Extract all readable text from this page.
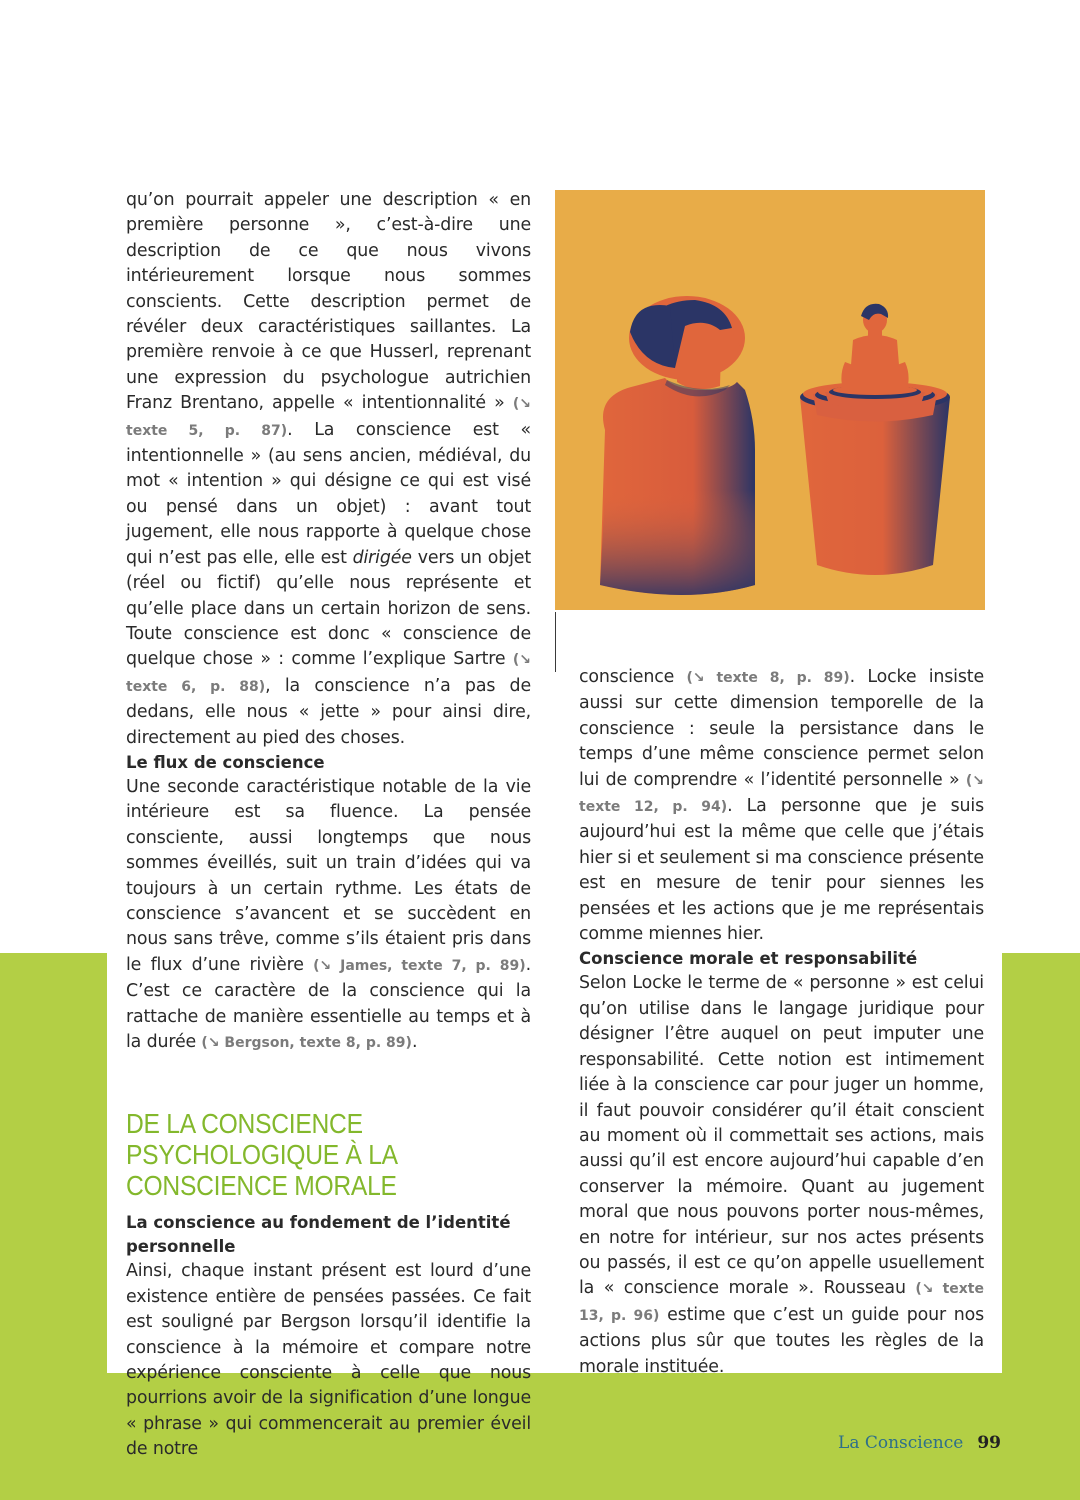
qu’on pourrait appeler une description « en première personne », c’est-à-dire une description de ce que nous vivons intérieurement lorsque nous sommes conscients. Cette description permet de révéler deux caractéristiques saillantes. La première renvoie à ce que Husserl, reprenant une expression du psychologue autrichien Franz Brentano, appelle « intentionnalité » (↘ texte 5, p. 87). La conscience est « intentionnelle » (au sens ancien, médiéval, du mot « intention » qui désigne ce qui est visé ou pensé dans un objet) : avant tout jugement, elle nous rapporte à quelque chose qui n’est pas elle, elle est dirigée vers un objet (réel ou fictif) qu’elle nous représente et qu’elle place dans un certain horizon de sens. Toute conscience est donc « conscience de quelque chose » : comme l’explique Sartre (↘ texte 6, p. 88), la conscience n’a pas de dedans, elle nous « jette » pour ainsi dire, directement au pied des choses.

Le flux de conscience

Une seconde caractéristique notable de la vie intérieure est sa fluence. La pensée consciente, aussi longtemps que nous sommes éveillés, suit un train d’idées qui va toujours à un certain rythme. Les états de conscience s’avancent et se succèdent en nous sans trêve, comme s’ils étaient pris dans le flux d’une rivière (↘ James, texte 7, p. 89). C’est ce caractère de la conscience qui la rattache de manière essentielle au temps et à la durée (↘ Bergson, texte 8, p. 89).

DE LA CONSCIENCE PSYCHOLOGIQUE À LA CONSCIENCE MORALE

La conscience au fondement de l’identité personnelle

Ainsi, chaque instant présent est lourd d’une existence entière de pensées passées. Ce fait est souligné par Bergson lorsqu’il identifie la conscience à la mémoire et compare notre expérience consciente à celle que nous pourrions avoir de la signification d’une longue « phrase » qui commencerait au premier éveil de notre

conscience (↘ texte 8, p. 89). Locke insiste aussi sur cette dimension temporelle de la conscience : seule la persistance dans le temps d’une même conscience permet selon lui de comprendre « l’identité personnelle » (↘ texte 12, p. 94). La personne que je suis aujourd’hui est la même que celle que j’étais hier si et seulement si ma conscience présente est en mesure de tenir pour siennes les pensées et les actions que je me représentais comme miennes hier.

Conscience morale et responsabilité

Selon Locke le terme de « personne » est celui qu’on utilise dans le langage juridique pour désigner l’être auquel on peut imputer une responsabilité. Cette notion est intimement liée à la conscience car pour juger un homme, il faut pouvoir considérer qu’il était conscient au moment où il commettait ses actions, mais aussi qu’il est encore aujourd’hui capable d’en conserver la mémoire. Quant au jugement moral que nous pouvons porter nous-mêmes, en notre for intérieur, sur nos actes présents ou passés, il est ce qu’on appelle usuellement la « conscience morale ». Rousseau (↘ texte 13, p. 96) estime que c’est un guide pour nos actions plus sûr que toutes les règles de la morale instituée.

La Conscience 99
